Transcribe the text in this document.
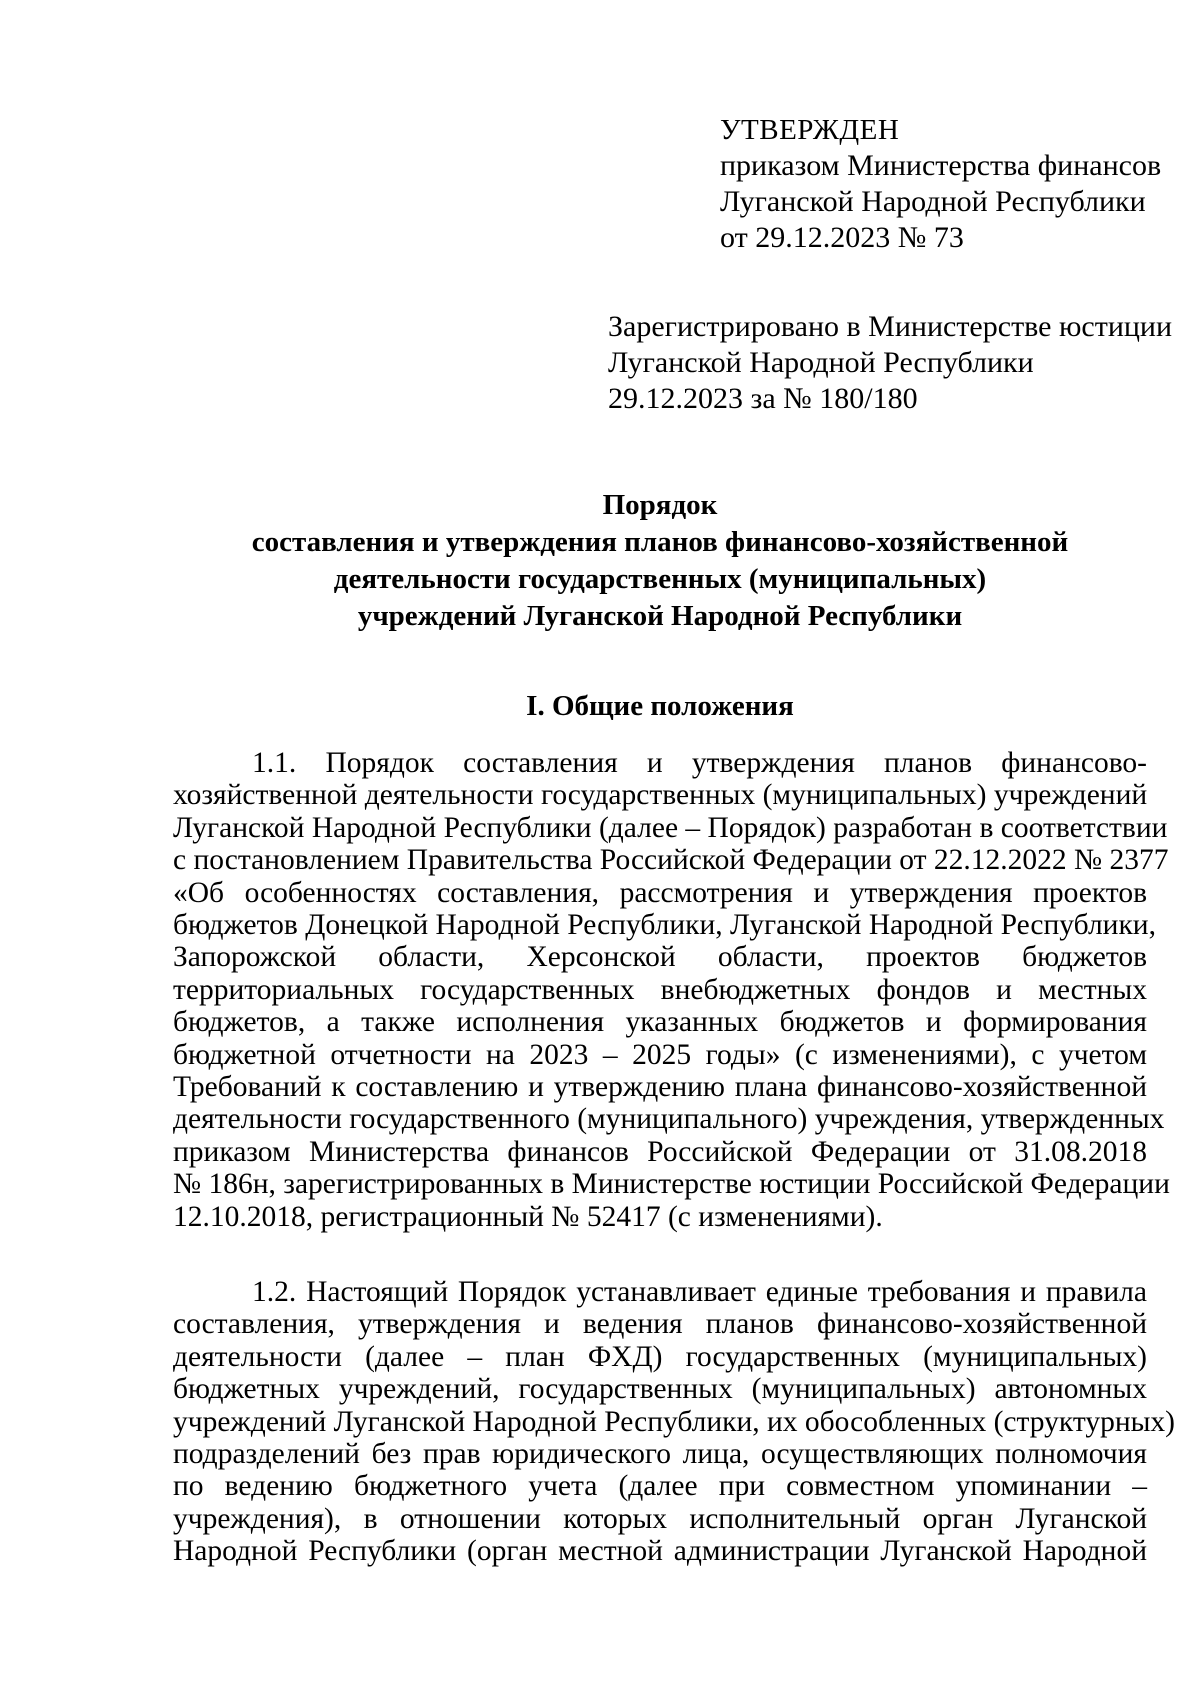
УТВЕРЖДЕН
приказом Министерства финансов
Луганской Народной Республики
от 29.12.2023 № 73
Зарегистрировано в Министерстве юстиции
Луганской Народной Республики
29.12.2023 за № 180/180
Порядок
составления и утверждения планов финансово-хозяйственной
деятельности государственных (муниципальных)
учреждений Луганской Народной Республики
I. Общие положения
1.1. Порядок составления и утверждения планов финансово-
хозяйственной деятельности государственных (муниципальных) учреждений
Луганской Народной Республики (далее – Порядок) разработан в соответствии
с постановлением Правительства Российской Федерации от 22.12.2022 № 2377
«Об особенностях составления, рассмотрения и утверждения проектов
бюджетов Донецкой Народной Республики, Луганской Народной Республики,
Запорожской области, Херсонской области, проектов бюджетов
территориальных государственных внебюджетных фондов и местных
бюджетов, а также исполнения указанных бюджетов и формирования
бюджетной отчетности на 2023 – 2025 годы» (с изменениями), с учетом
Требований к составлению и утверждению плана финансово-хозяйственной
деятельности государственного (муниципального) учреждения, утвержденных
приказом Министерства финансов Российской Федерации от 31.08.2018
№ 186н, зарегистрированных в Министерстве юстиции Российской Федерации
12.10.2018, регистрационный № 52417 (с изменениями).
1.2. Настоящий Порядок устанавливает единые требования и правила
составления, утверждения и ведения планов финансово-хозяйственной
деятельности (далее – план ФХД) государственных (муниципальных)
бюджетных учреждений, государственных (муниципальных) автономных
учреждений Луганской Народной Республики, их обособленных (структурных)
подразделений без прав юридического лица, осуществляющих полномочия
по ведению бюджетного учета (далее при совместном упоминании –
учреждения), в отношении которых исполнительный орган Луганской
Народной Республики (орган местной администрации Луганской Народной
